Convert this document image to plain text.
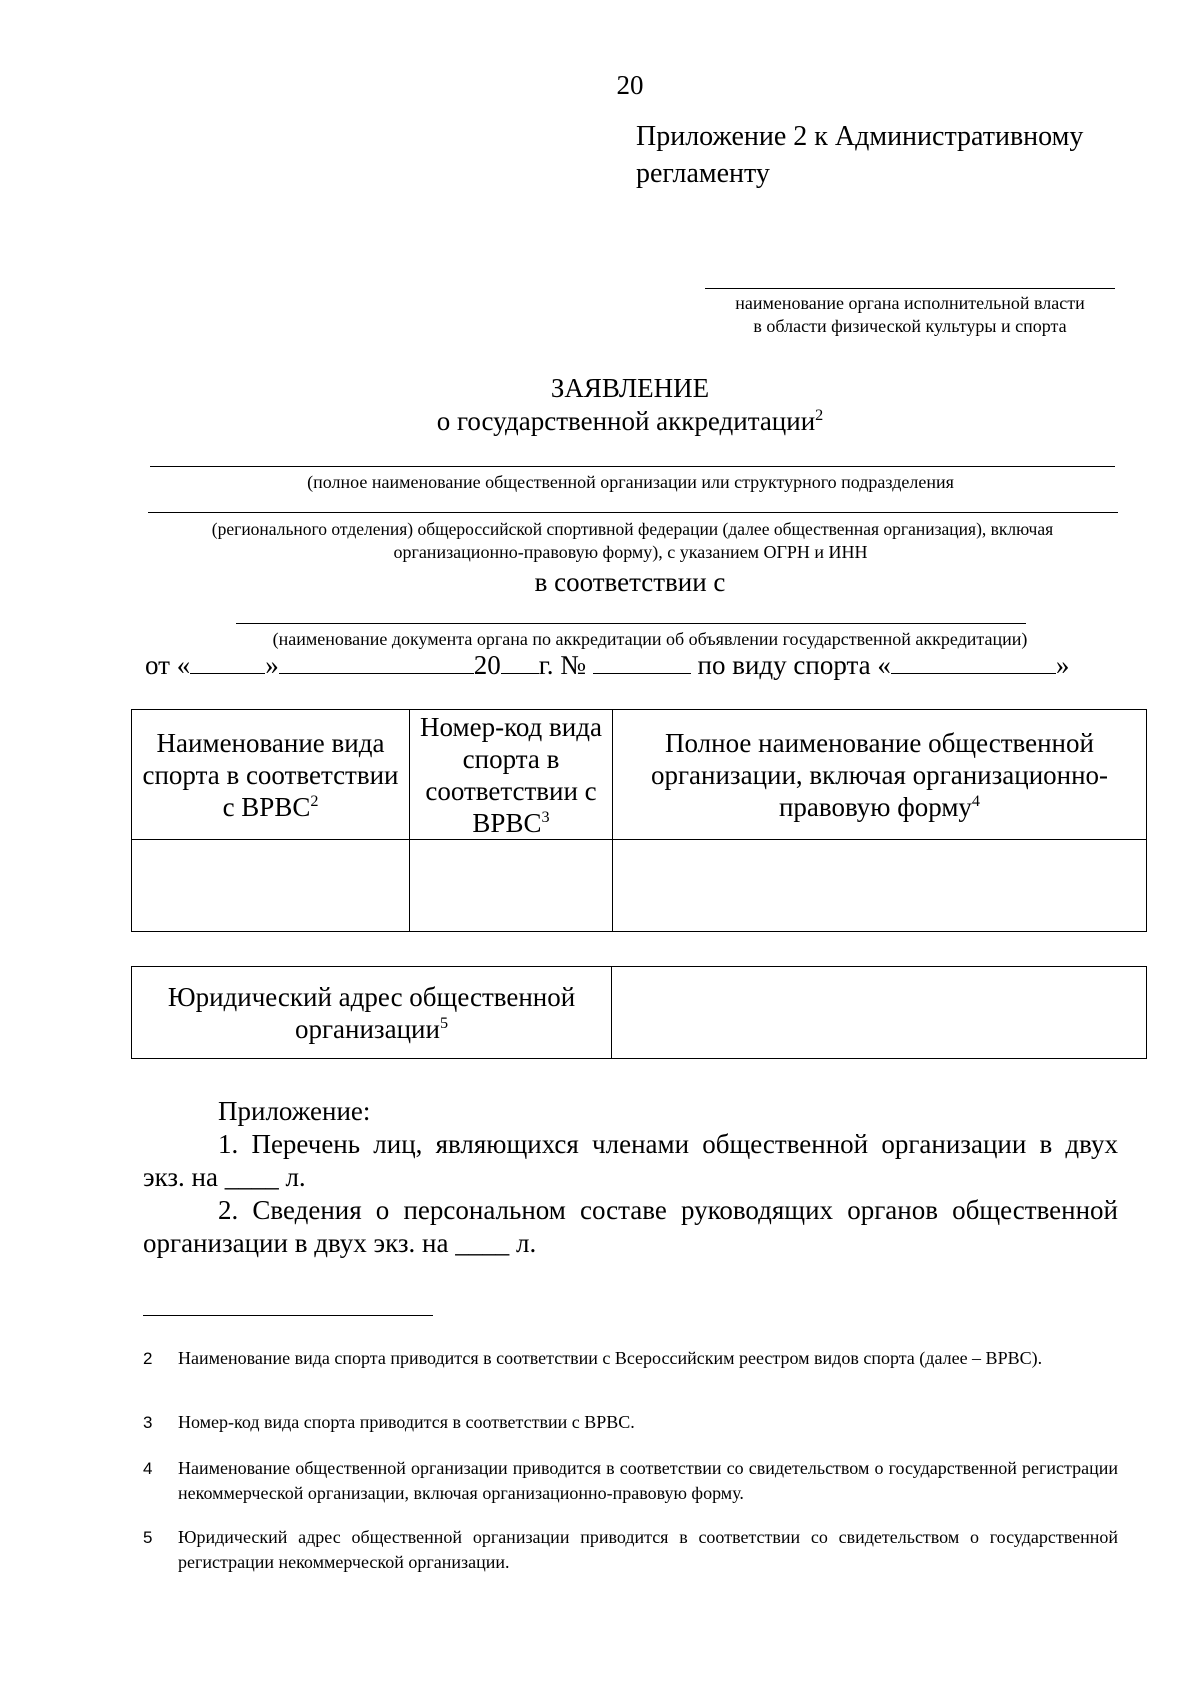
20
Приложение 2 к Административному
регламенту
наименование органа исполнительной власти
в области физической культуры и спорта
ЗАЯВЛЕНИЕ
о государственной аккредитации$^2$
(полное наименование общественной организации или структурного подразделения
(регионального отделения) общероссийской спортивной федерации (далее общественная организация), включая
организационно-правовую форму), с указанием ОГРН и ИНН
в соответствии с
(наименование документа органа по аккредитации об объявлении государственной аккредитации)
от «	»	20 г. №	по виду спорта «	»
Наименование вида спорта в соответствии с ВРВС$^2$	Номер-код вида спорта в соответствии с ВРВС$^3$	Полное наименование общественной организации, включая организационно-правовую форму$^4$

Юридический адрес общественной организации$^5$	
Приложение:
1. Перечень лиц, являющихся членами общественной организации в двух
экз. на ____ л.
2. Сведения о персональном составе руководящих органов общественной
организации в двух экз. на ____ л.
2 Наименование вида спорта приводится в соответствии с Всероссийским реестром видов спорта (далее – ВРВС).
3 Номер-код вида спорта приводится в соответствии с ВРВС.
4 Наименование общественной организации приводится в соответствии со свидетельством о государственной регистрации некоммерческой организации, включая организационно-правовую форму.
5 Юридический адрес общественной организации приводится в соответствии со свидетельством о государственной регистрации некоммерческой организации.
